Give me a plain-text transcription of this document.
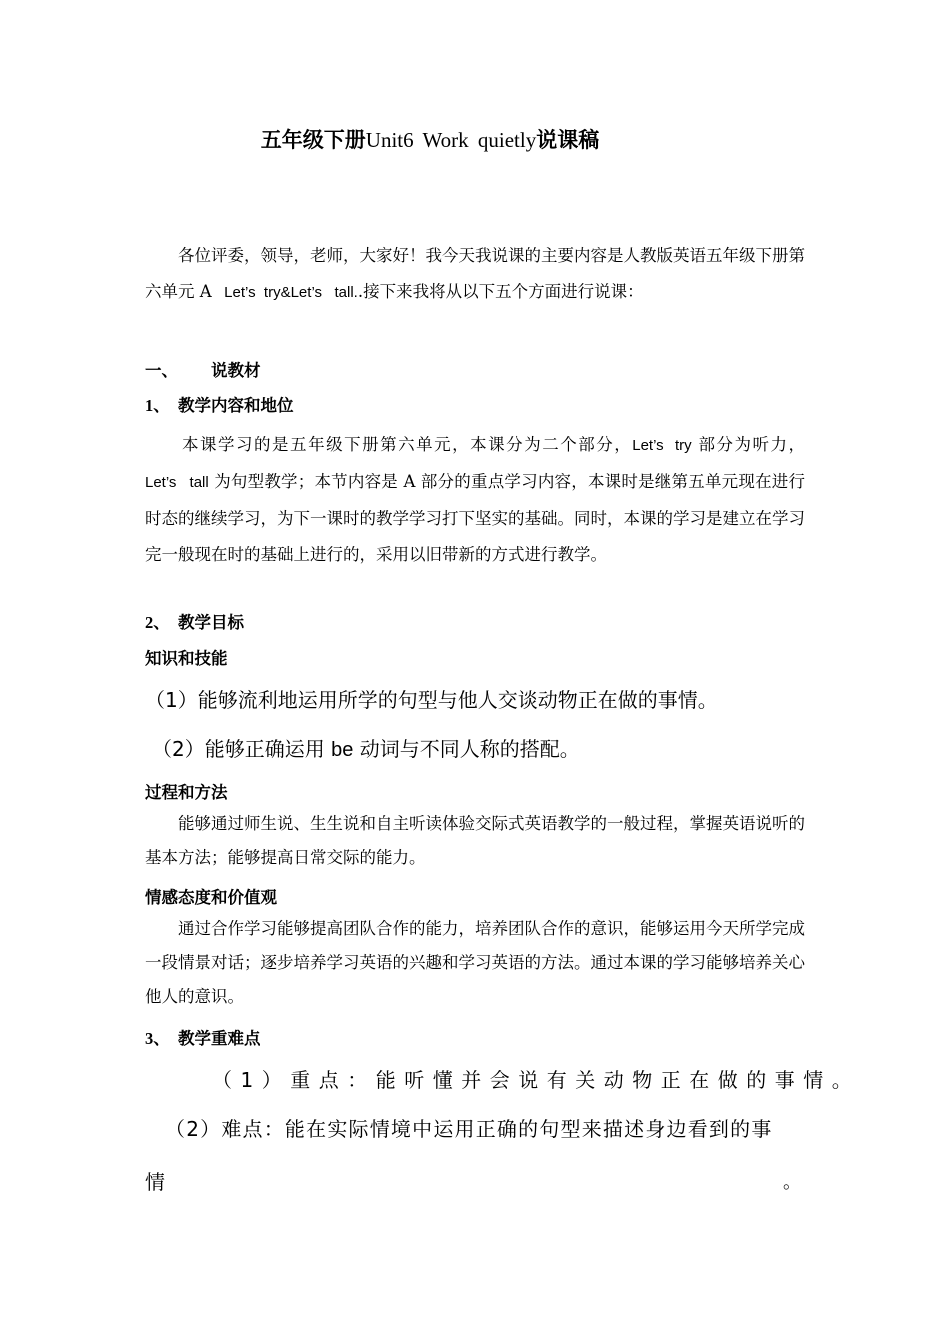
五年级下册Unit6 Work quietly说课稿
各位评委，领导，老师，大家好！我今天我说课的主要内容是人教版英语五年级下册第六单元 A   Let’s  try&Let’s   tall..接下来我将从以下五个方面进行说课：
一、 说教材
1、 教学内容和地位
本课学习的是五年级下册第六单元，本课分为二个部分，Let’s  try 部分为听力，Let’s   tall 为句型教学；本节内容是 A 部分的重点学习内容，本课时是继第五单元现在进行时态的继续学习，为下一课时的教学学习打下坚实的基础。同时，本课的学习是建立在学习完一般现在时的基础上进行的，采用以旧带新的方式进行教学。
2、 教学目标
知识和技能
（1）能够流利地运用所学的句型与他人交谈动物正在做的事情。
（2）能够正确运用 be 动词与不同人称的搭配。
过程和方法
能够通过师生说、生生说和自主听读体验交际式英语教学的一般过程，掌握英语说听的基本方法；能够提高日常交际的能力。
情感态度和价值观
通过合作学习能够提高团队合作的能力，培养团队合作的意识，能够运用今天所学完成一段情景对话；逐步培养学习英语的兴趣和学习英语的方法。通过本课的学习能够培养关心他人的意识。
3、 教学重难点
（1）重点：能听懂并会说有关动物正在做的事情。
（2）难点：能在实际情境中运用正确的句型来描述身边看到的事
情	。
